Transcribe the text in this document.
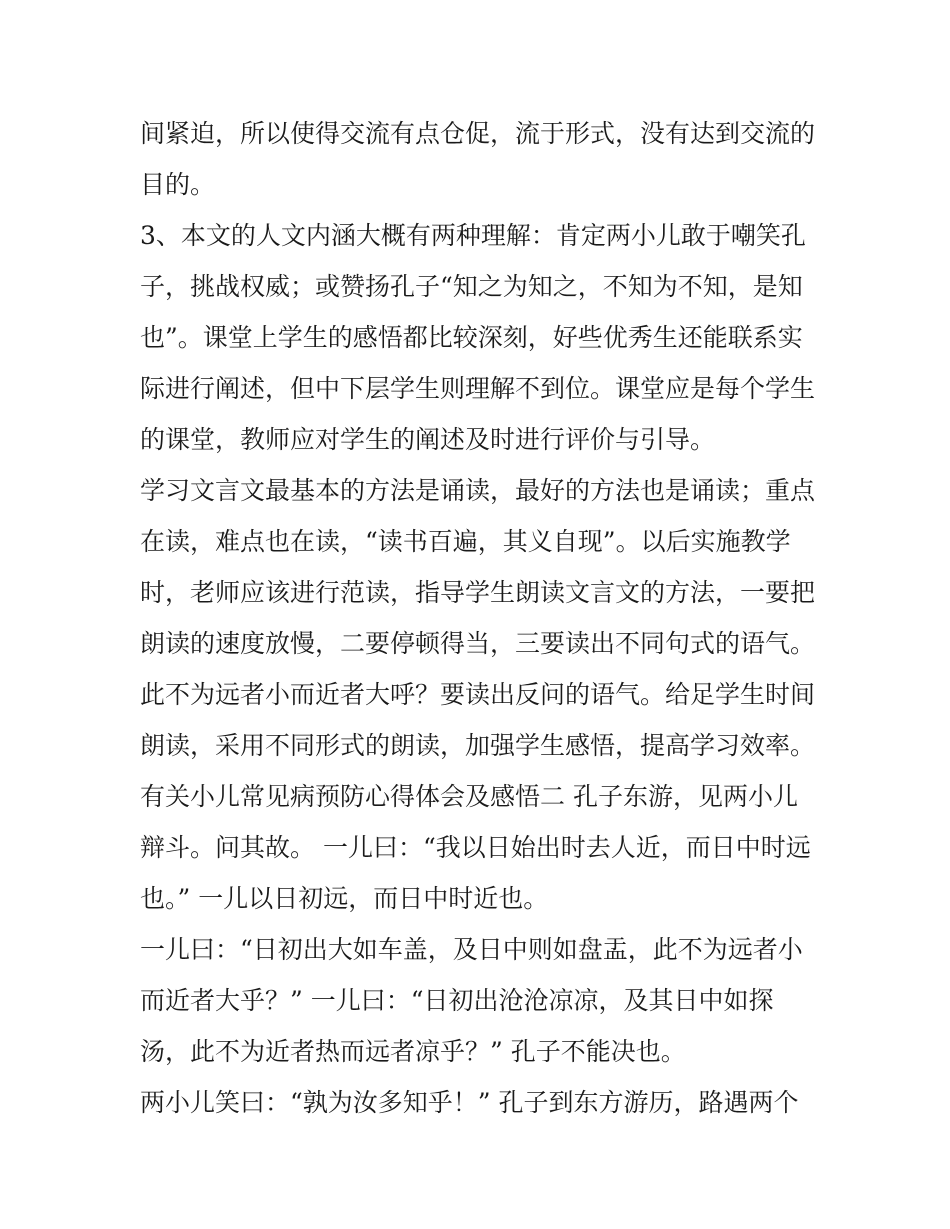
间紧迫，所以使得交流有点仓促，流于形式，没有达到交流的
目的。
3、本文的人文内涵大概有两种理解：肯定两小儿敢于嘲笑孔
子，挑战权威；或赞扬孔子“知之为知之，不知为不知，是知
也”。课堂上学生的感悟都比较深刻，好些优秀生还能联系实
际进行阐述，但中下层学生则理解不到位。课堂应是每个学生
的课堂，教师应对学生的阐述及时进行评价与引导。
学习文言文最基本的方法是诵读，最好的方法也是诵读；重点
在读，难点也在读，“读书百遍，其义自现”。以后实施教学
时，老师应该进行范读，指导学生朗读文言文的方法，一要把
朗读的速度放慢，二要停顿得当，三要读出不同句式的语气。
此不为远者小而近者大呼？要读出反问的语气。给足学生时间
朗读，采用不同形式的朗读，加强学生感悟，提高学习效率。
有关小儿常见病预防心得体会及感悟二 孔子东游，见两小儿
辩斗。问其故。 一儿曰：“我以日始出时去人近，而日中时远
也。” 一儿以日初远，而日中时近也。
一儿曰：“日初出大如车盖，及日中则如盘盂，此不为远者小
而近者大乎？” 一儿曰：“日初出沧沧凉凉，及其日中如探
汤，此不为近者热而远者凉乎？” 孔子不能决也。
两小儿笑曰：“孰为汝多知乎！” 孔子到东方游历，路遇两个
